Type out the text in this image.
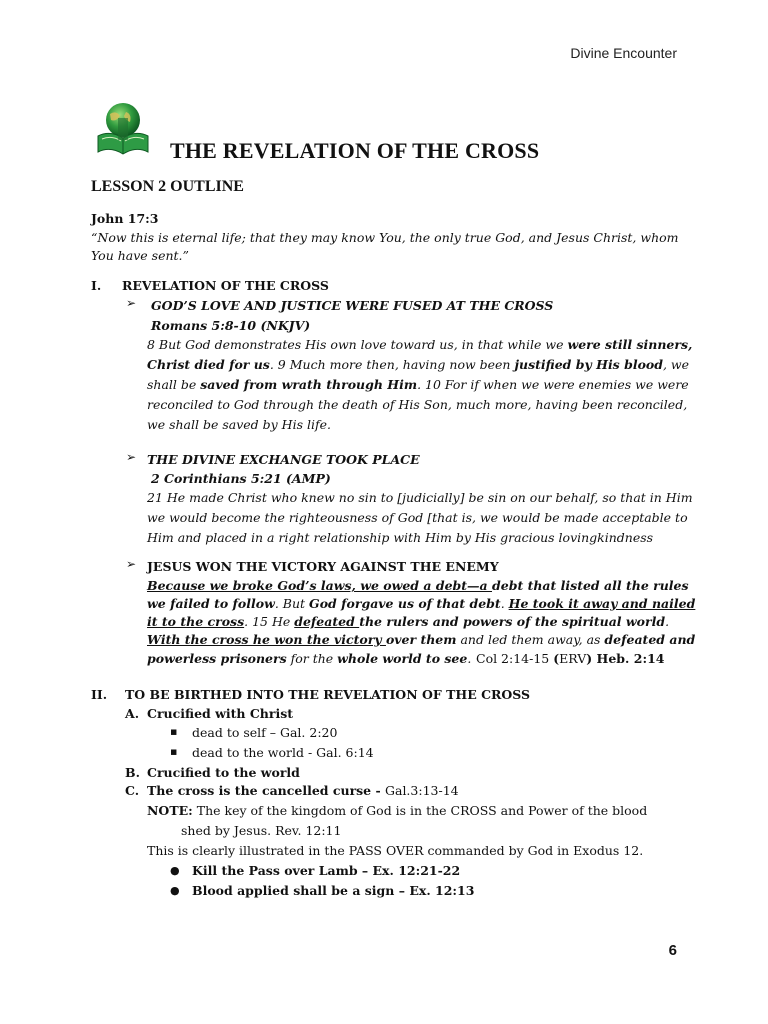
Divine Encounter
THE REVELATION OF THE CROSS
LESSON 2 OUTLINE
John 17:3
“Now this is eternal life; that they may know You, the only true God, and Jesus Christ, whom
You have sent.”
I. REVELATION OF THE CROSS
➢ GOD’S LOVE AND JUSTICE WERE FUSED AT THE CROSS
Romans 5:8-10 (NKJV)
8 But God demonstrates His own love toward us, in that while we were still sinners,
Christ died for us. 9 Much more then, having now been justified by His blood, we
shall be saved from wrath through Him. 10 For if when we were enemies we were
reconciled to God through the death of His Son, much more, having been reconciled,
we shall be saved by His life.
➢ THE DIVINE EXCHANGE TOOK PLACE
2 Corinthians 5:21 (AMP)
21 He made Christ who knew no sin to [judicially] be sin on our behalf, so that in Him
we would become the righteousness of God [that is, we would be made acceptable to
Him and placed in a right relationship with Him by His gracious lovingkindness
➢ JESUS WON THE VICTORY AGAINST THE ENEMY
Because we broke God’s laws, we owed a debt—a debt that listed all the rules
we failed to follow. But God forgave us of that debt. He took it away and nailed
it to the cross. 15 He defeated the rulers and powers of the spiritual world.
With the cross he won the victory over them and led them away, as defeated and
powerless prisoners for the whole world to see. Col 2:14-15 (ERV) Heb. 2:14
II. TO BE BIRTHED INTO THE REVELATION OF THE CROSS
A. Crucified with Christ
▪ dead to self – Gal. 2:20
▪ dead to the world - Gal. 6:14
B. Crucified to the world
C. The cross is the cancelled curse - Gal.3:13-14
NOTE: The key of the kingdom of God is in the CROSS and Power of the blood
shed by Jesus. Rev. 12:11
This is clearly illustrated in the PASS OVER commanded by God in Exodus 12.
● Kill the Pass over Lamb – Ex. 12:21-22
● Blood applied shall be a sign – Ex. 12:13
6
